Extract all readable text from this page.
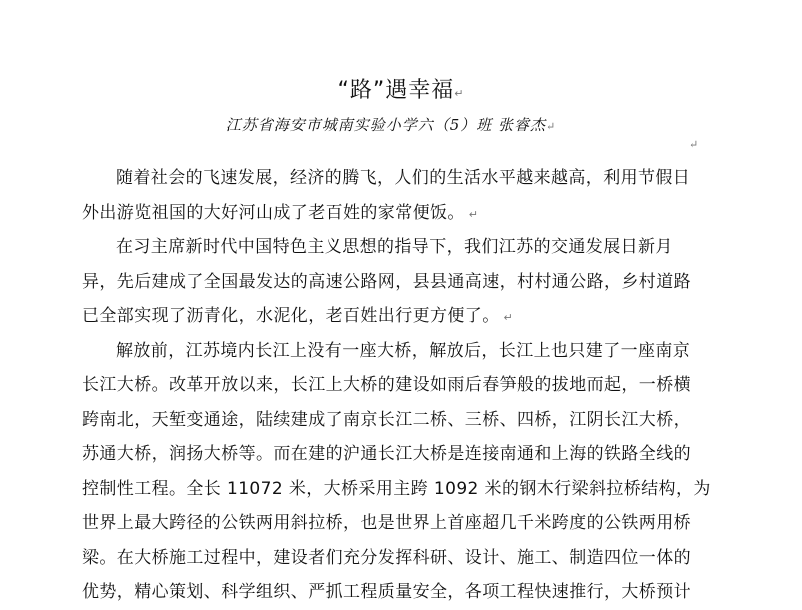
“路”遇幸福↵
江苏省海安市城南实验小学六（5）班 张睿杰↵
↵
随着社会的飞速发展，经济的腾飞，人们的生活水平越来越高，利用节假日
外出游览祖国的大好河山成了老百姓的家常便饭。 ↵
在习主席新时代中国特色主义思想的指导下，我们江苏的交通发展日新月
异，先后建成了全国最发达的高速公路网，县县通高速，村村通公路，乡村道路
已全部实现了沥青化，水泥化，老百姓出行更方便了。 ↵
解放前，江苏境内长江上没有一座大桥，解放后，长江上也只建了一座南京
长江大桥。改革开放以来，长江上大桥的建设如雨后春笋般的拔地而起，一桥横
跨南北，天堑变通途，陆续建成了南京长江二桥、三桥、四桥，江阴长江大桥，
苏通大桥，润扬大桥等。而在建的沪通长江大桥是连接南通和上海的铁路全线的
控制性工程。全长 11072 米，大桥采用主跨 1092 米的钢木行梁斜拉桥结构，为
世界上最大跨径的公铁两用斜拉桥，也是世界上首座超几千米跨度的公铁两用桥
梁。在大桥施工过程中，建设者们充分发挥科研、设计、施工、制造四位一体的
优势，精心策划、科学组织、严抓工程质量安全，各项工程快速推行，大桥预计
